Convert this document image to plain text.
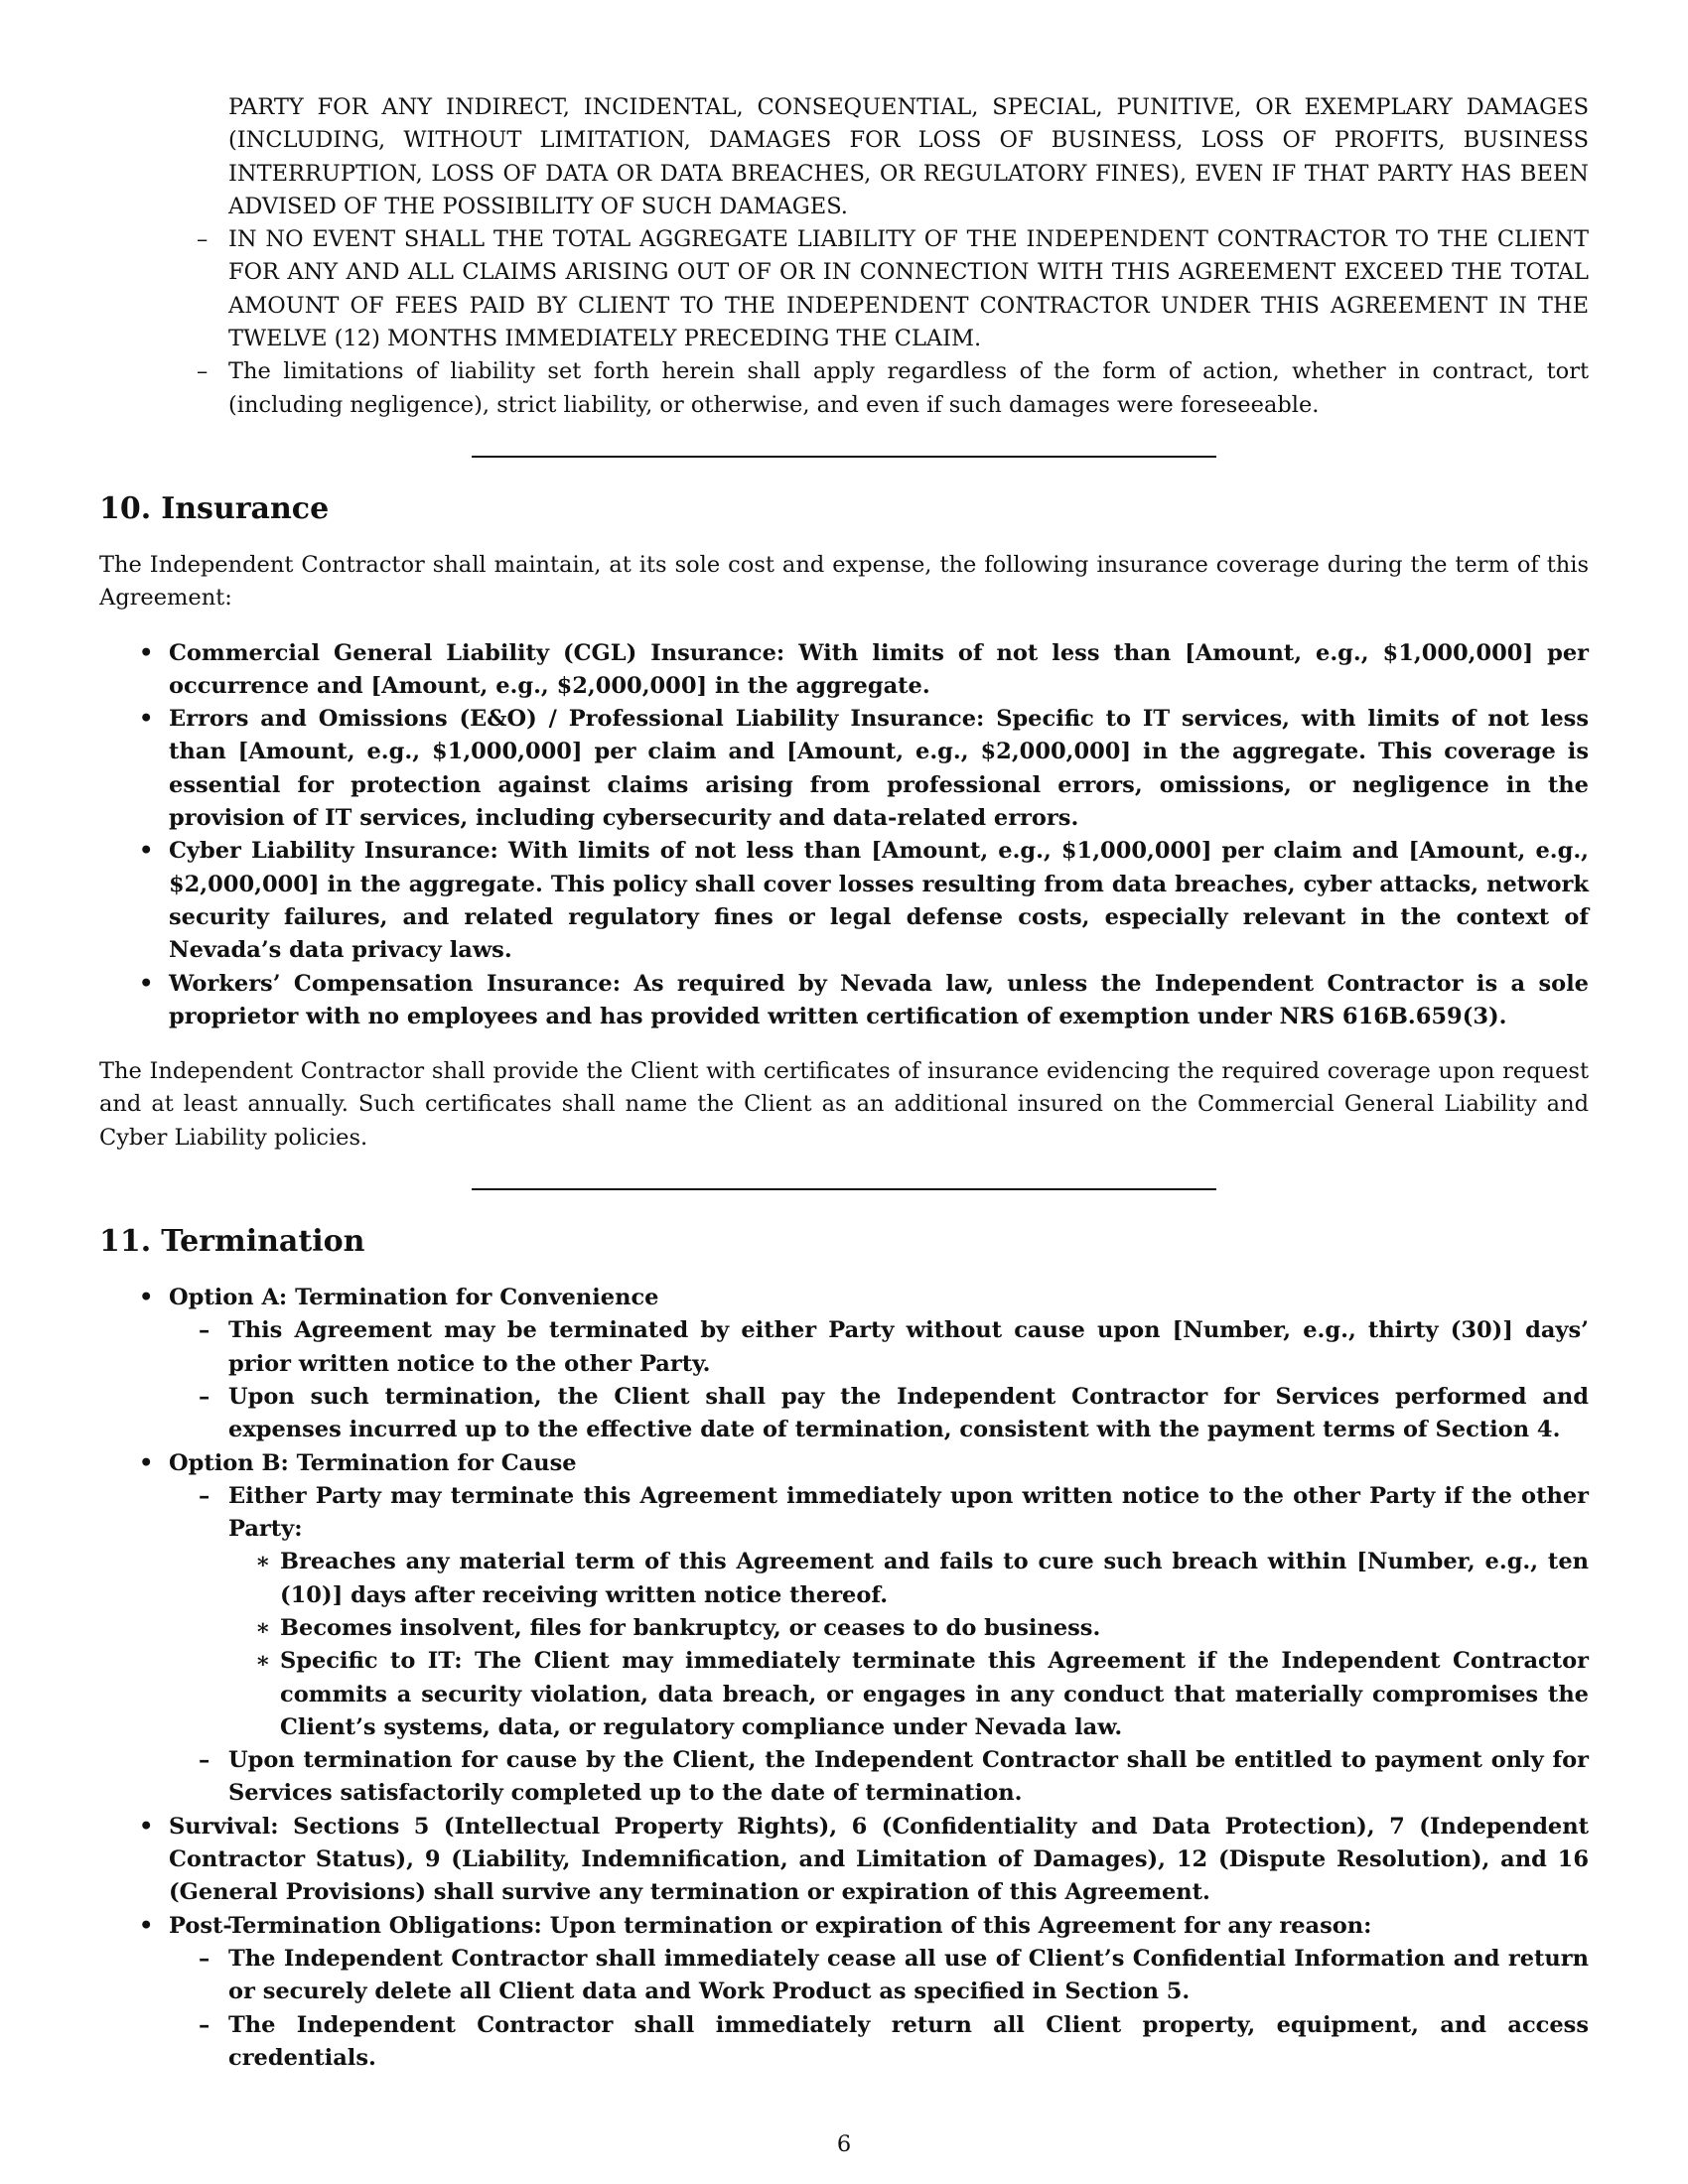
PARTY FOR ANY INDIRECT, INCIDENTAL, CONSEQUENTIAL, SPECIAL, PUNITIVE, OR EXEMPLARY DAMAGES (INCLUDING, WITHOUT LIMITATION, DAMAGES FOR LOSS OF BUSINESS, LOSS OF PROFITS, BUSINESS INTERRUPTION, LOSS OF DATA OR DATA BREACHES, OR REGULATORY FINES), EVEN IF THAT PARTY HAS BEEN ADVISED OF THE POSSIBILITY OF SUCH DAMAGES.

– IN NO EVENT SHALL THE TOTAL AGGREGATE LIABILITY OF THE INDEPENDENT CONTRACTOR TO THE CLIENT FOR ANY AND ALL CLAIMS ARISING OUT OF OR IN CONNECTION WITH THIS AGREEMENT EXCEED THE TOTAL AMOUNT OF FEES PAID BY CLIENT TO THE INDEPENDENT CONTRACTOR UNDER THIS AGREEMENT IN THE TWELVE (12) MONTHS IMMEDIATELY PRECEDING THE CLAIM.
– The limitations of liability set forth herein shall apply regardless of the form of action, whether in contract, tort (including negligence), strict liability, or otherwise, and even if such damages were foreseeable.
10. Insurance

The Independent Contractor shall maintain, at its sole cost and expense, the following insurance coverage during the term of this Agreement:

• Commercial General Liability (CGL) Insurance: With limits of not less than [Amount, e.g., $1,000,000] per occurrence and [Amount, e.g., $2,000,000] in the aggregate.
• Errors and Omissions (E&O) / Professional Liability Insurance: Specific to IT services, with limits of not less than [Amount, e.g., $1,000,000] per claim and [Amount, e.g., $2,000,000] in the aggregate. This coverage is essential for protection against claims arising from professional errors, omissions, or negligence in the provision of IT services, including cybersecurity and data-related errors.
• Cyber Liability Insurance: With limits of not less than [Amount, e.g., $1,000,000] per claim and [Amount, e.g., $2,000,000] in the aggregate. This policy shall cover losses resulting from data breaches, cyber attacks, network security failures, and related regulatory fines or legal defense costs, especially relevant in the context of Nevada’s data privacy laws.
• Workers’ Compensation Insurance: As required by Nevada law, unless the Independent Contractor is a sole proprietor with no employees and has provided written certification of exemption under NRS 616B.659(3).

The Independent Contractor shall provide the Client with certificates of insurance evidencing the required coverage upon request and at least annually. Such certificates shall name the Client as an additional insured on the Commercial General Liability and Cyber Liability policies.

11. Termination
• Option A: Termination for Convenience
– This Agreement may be terminated by either Party without cause upon [Number, e.g., thirty (30)] days’ prior written notice to the other Party.
– Upon such termination, the Client shall pay the Independent Contractor for Services performed and expenses incurred up to the effective date of termination, consistent with the payment terms of Section 4.
• Option B: Termination for Cause
– Either Party may terminate this Agreement immediately upon written notice to the other Party if the other Party:
∗ Breaches any material term of this Agreement and fails to cure such breach within [Number, e.g., ten (10)] days after receiving written notice thereof.
∗ Becomes insolvent, files for bankruptcy, or ceases to do business.
∗ Specific to IT: The Client may immediately terminate this Agreement if the Independent Contractor commits a security violation, data breach, or engages in any conduct that materially compromises the Client’s systems, data, or regulatory compliance under Nevada law.
– Upon termination for cause by the Client, the Independent Contractor shall be entitled to payment only for Services satisfactorily completed up to the date of termination.
• Survival: Sections 5 (Intellectual Property Rights), 6 (Confidentiality and Data Protection), 7 (Independent Contractor Status), 9 (Liability, Indemnification, and Limitation of Damages), 12 (Dispute Resolution), and 16 (General Provisions) shall survive any termination or expiration of this Agreement.
• Post-Termination Obligations: Upon termination or expiration of this Agreement for any reason:
– The Independent Contractor shall immediately cease all use of Client’s Confidential Information and return or securely delete all Client data and Work Product as specified in Section 5.
– The Independent Contractor shall immediately return all Client property, equipment, and access credentials.
6
